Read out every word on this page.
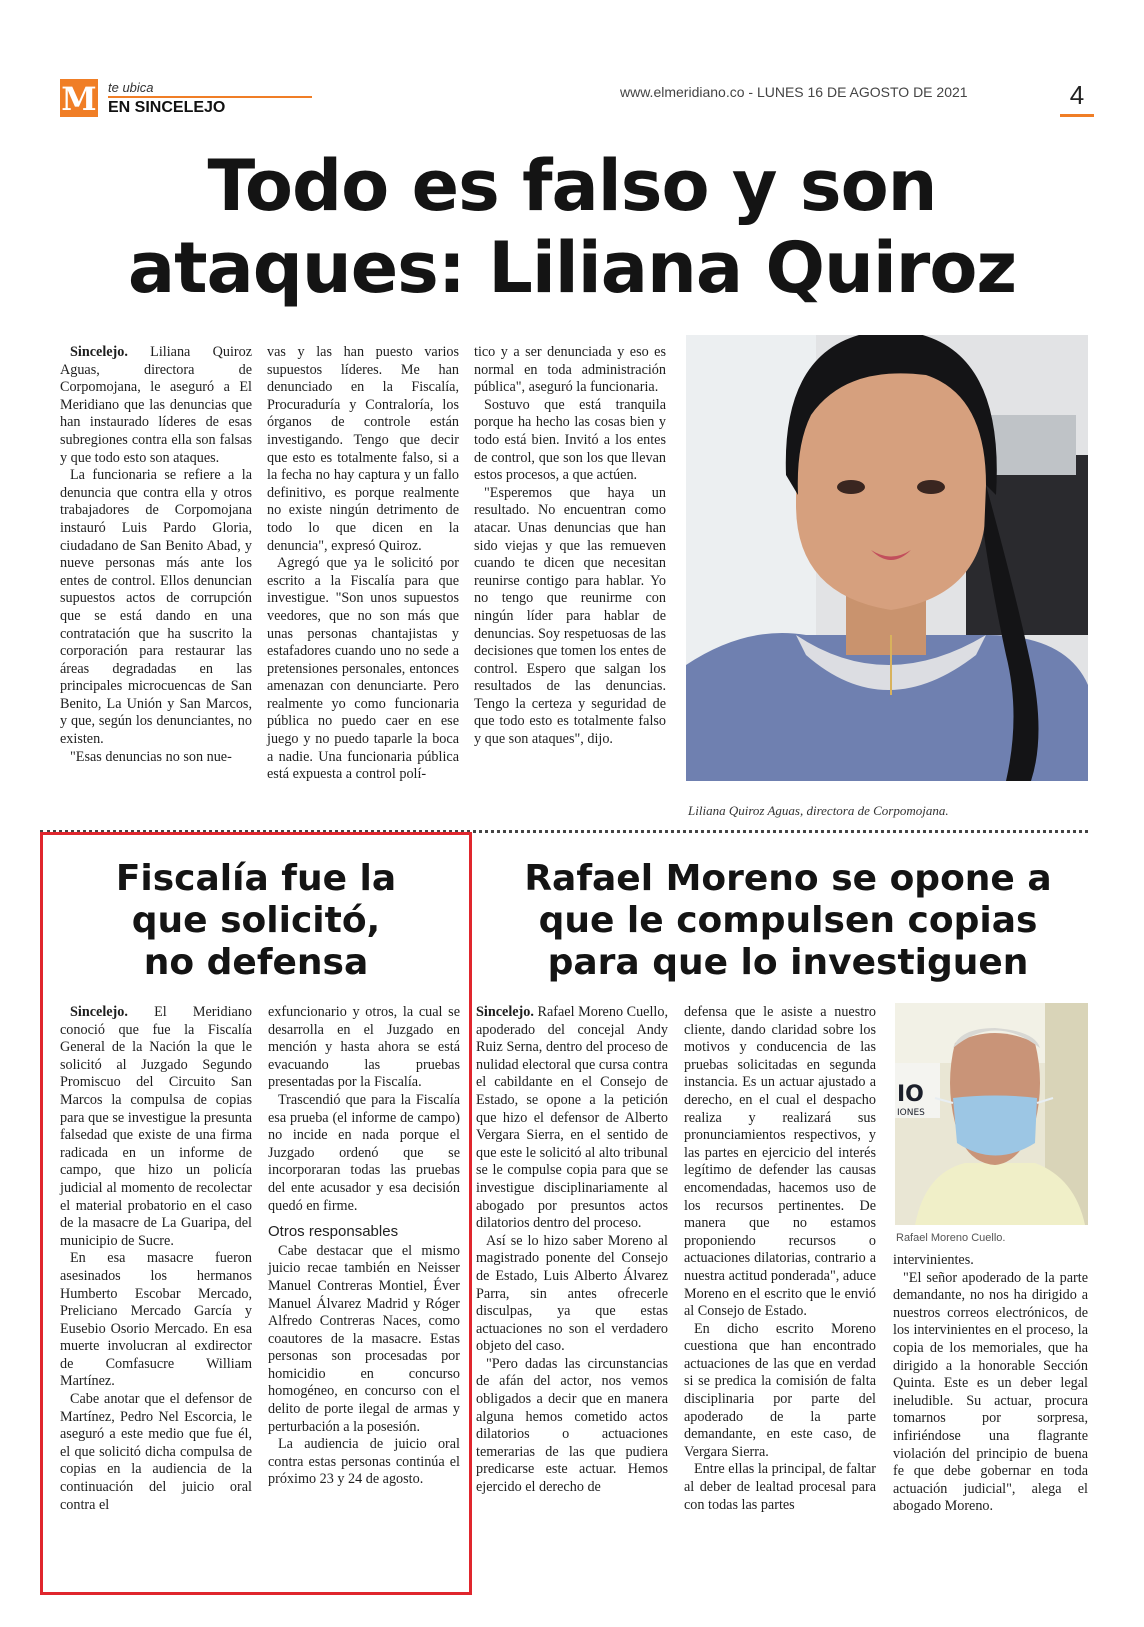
M te ubica
EN SINCELEJO
www.elmeridiano.co - LUNES 16 DE AGOSTO DE 2021	4
Todo es falso y son
ataques: Liliana Quiroz

Sincelejo. Liliana Quiroz Aguas, directora de Corpomojana, le aseguró a El Meridiano que las denuncias que han instaurado líderes de esas subregiones contra ella son falsas y que todo esto son ataques.

La funcionaria se refiere a la denuncia que contra ella y otros trabajadores de Corpomojana instauró Luis Pardo Gloria, ciudadano de San Benito Abad, y nueve personas más ante los entes de control. Ellos denuncian supuestos actos de corrupción que se está dando en una contratación que ha suscrito la corporación para restaurar las áreas degradadas en las principales microcuencas de San Benito, La Unión y San Marcos, y que, según los denunciantes, no existen.

"Esas denuncias no son nue-

vas y las han puesto varios supuestos líderes. Me han denunciado en la Fiscalía, Procuraduría y Contraloría, los órganos de controle están investigando. Tengo que decir que esto es totalmente falso, si a la fecha no hay captura y un fallo definitivo, es porque realmente no existe ningún detrimento de todo lo que dicen en la denuncia", expresó Quiroz.

Agregó que ya le solicitó por escrito a la Fiscalía para que investigue. "Son unos supuestos veedores, que no son más que unas personas chantajistas y estafadores cuando uno no sede a pretensiones personales, entonces amenazan con denunciarte. Pero realmente yo como funcionaria pública no puedo caer en ese juego y no puedo taparle la boca a nadie. Una funcionaria pública está expuesta a control polí-

tico y a ser denunciada y eso es normal en toda administración pública", aseguró la funcionaria.

Sostuvo que está tranquila porque ha hecho las cosas bien y todo está bien. Invitó a los entes de control, que son los que llevan estos procesos, a que actúen.

"Esperemos que haya un resultado. No encuentran como atacar. Unas denuncias que han sido viejas y que las remueven cuando te dicen que necesitan reunirse contigo para hablar. Yo no tengo que reunirme con ningún líder para hablar de denuncias. Soy respetuosas de las decisiones que tomen los entes de control. Espero que salgan los resultados de las denuncias. Tengo la certeza y seguridad de que todo esto es totalmente falso y que son ataques", dijo.

Liliana Quiroz Aguas, directora de Corpomojana.
Fiscalía fue la
que solicitó,
no defensa

Sincelejo. El Meridiano conoció que fue la Fiscalía General de la Nación la que le solicitó al Juzgado Segundo Promiscuo del Circuito San Marcos la compulsa de copias para que se investigue la presunta falsedad que existe de una firma radicada en un informe de campo, que hizo un policía judicial al momento de recolectar el material probatorio en el caso de la masacre de La Guaripa, del municipio de Sucre.

En esa masacre fueron asesinados los hermanos Humberto Escobar Mercado, Preliciano Mercado García y Eusebio Osorio Mercado. En esa muerte involucran al exdirector de Comfasucre William Martínez.

Cabe anotar que el defensor de Martínez, Pedro Nel Escorcia, le aseguró a este medio que fue él, el que solicitó dicha compulsa de copias en la audiencia de la continuación del juicio oral contra el

exfuncionario y otros, la cual se desarrolla en el Juzgado en mención y hasta ahora se está evacuando las pruebas presentadas por la Fiscalía.

Trascendió que para la Fiscalía esa prueba (el informe de campo) no incide en nada porque el Juzgado ordenó que se incorporaran todas las pruebas del ente acusador y esa decisión quedó en firme.

Otros responsables

Cabe destacar que el mismo juicio recae también en Neisser Manuel Contreras Montiel, Éver Manuel Álvarez Madrid y Róger Alfredo Contreras Naces, como coautores de la masacre. Estas personas son procesadas por homicidio en concurso homogéneo, en concurso con el delito de porte ilegal de armas y perturbación a la posesión.

La audiencia de juicio oral contra estas personas continúa el próximo 23 y 24 de agosto.

Rafael Moreno se opone a
que le compulsen copias
para que lo investiguen

Sincelejo. Rafael Moreno Cuello, apoderado del concejal Andy Ruiz Serna, dentro del proceso de nulidad electoral que cursa contra el cabildante en el Consejo de Estado, se opone a la petición que hizo el defensor de Alberto Vergara Sierra, en el sentido de que este le solicitó al alto tribunal se le compulse copia para que se investigue disciplinariamente al abogado por presuntos actos dilatorios dentro del proceso.

Así se lo hizo saber Moreno al magistrado ponente del Consejo de Estado, Luis Alberto Álvarez Parra, sin antes ofrecerle disculpas, ya que estas actuaciones no son el verdadero objeto del caso.

"Pero dadas las circunstancias de afán del actor, nos vemos obligados a decir que en manera alguna hemos cometido actos dilatorios o actuaciones temerarias de las que pudiera predicarse este actuar. Hemos ejercido el derecho de

defensa que le asiste a nuestro cliente, dando claridad sobre los motivos y conducencia de las pruebas solicitadas en segunda instancia. Es un actuar ajustado a derecho, en el cual el despacho realiza y realizará sus pronunciamientos respectivos, y las partes en ejercicio del interés legítimo de defender las causas encomendadas, hacemos uso de los recursos pertinentes. De manera que no estamos proponiendo recursos o actuaciones dilatorias, contrario a nuestra actitud ponderada", aduce Moreno en el escrito que le envió al Consejo de Estado.

En dicho escrito Moreno cuestiona que han encontrado actuaciones de las que en verdad si se predica la comisión de falta disciplinaria por parte del apoderado de la parte demandante, en este caso, de Vergara Sierra.

Entre ellas la principal, de faltar al deber de lealtad procesal para con todas las partes

IO
IONES
Rafael Moreno Cuello.

intervinientes.

"El señor apoderado de la parte demandante, no nos ha dirigido a nuestros correos electrónicos, de los intervinientes en el proceso, la copia de los memoriales, que ha dirigido a la honorable Sección Quinta. Este es un deber legal ineludible. Su actuar, procura tomarnos por sorpresa, infiriéndose una flagrante violación del principio de buena fe que debe gobernar en toda actuación judicial", alega el abogado Moreno.
